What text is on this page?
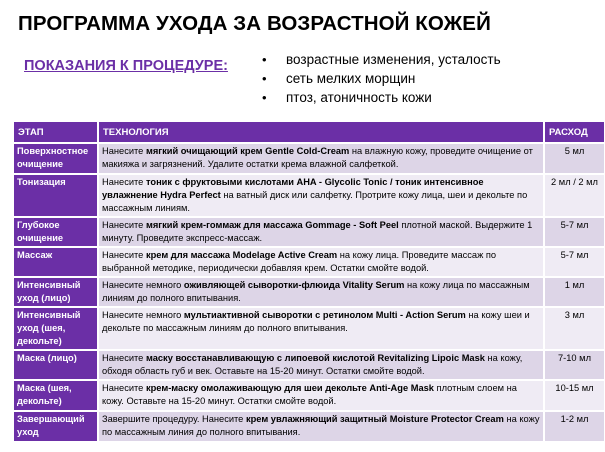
ПРОГРАММА УХОДА ЗА ВОЗРАСТНОЙ КОЖЕЙ
ПОКАЗАНИЯ К ПРОЦЕДУРЕ:	• возрастные изменения, усталость
• сеть мелких морщин
• птоз, атоничность кожи
ЭТАП	ТЕХНОЛОГИЯ	РАСХОД
Поверхностное очищение	Нанесите мягкий очищающий крем Gentle Cold-Cream на влажную кожу, проведите очищение от макияжа и загрязнений. Удалите остатки крема влажной салфеткой.	5 мл
Тонизация	Нанесите тоник с фруктовыми кислотами AHA - Glycolic Tonic / тоник интенсивное увлажнение Hydra Perfect на ватный диск или салфетку. Протрите кожу лица, шеи и декольте по массажным линиям.	2 мл / 2 мл
Глубокое очищение	Нанесите мягкий крем-гоммаж для массажа Gommage - Soft Peel плотной маской. Выдержите 1 минуту. Проведите экспресс-массаж.	5-7 мл
Массаж	Нанесите крем для массажа Modelage Active Cream на кожу лица. Проведите массаж по выбранной методике, периодически добавляя крем. Остатки смойте водой.	5-7 мл
Интенсивный уход (лицо)	Нанесите немного оживляющей сыворотки-флюида Vitality Serum на кожу лица по массажным линиям до полного впитывания.	1 мл
Интенсивный уход (шея, декольте)	Нанесите немного мультиактивной сыворотки с ретинолом Multi - Action Serum на кожу шеи и декольте по массажным линиям до полного впитывания.	3 мл
Маска (лицо)	Нанесите маску восстанавливающую с липоевой кислотой Revitalizing Lipoic Mask на кожу, обходя область губ и век. Оставьте на 15-20 минут. Остатки смойте водой.	7-10 мл
Маска (шея, декольте)	Нанесите крем-маску омолаживающую для шеи декольте Anti-Age Mask плотным слоем на кожу. Оставьте на 15-20 минут. Остатки смойте водой.	10-15 мл
Завершающий уход	Завершите процедуру. Нанесите крем увлажняющий защитный Moisture Protector Cream на кожу по массажным линия до полного впитывания.	1-2 мл
